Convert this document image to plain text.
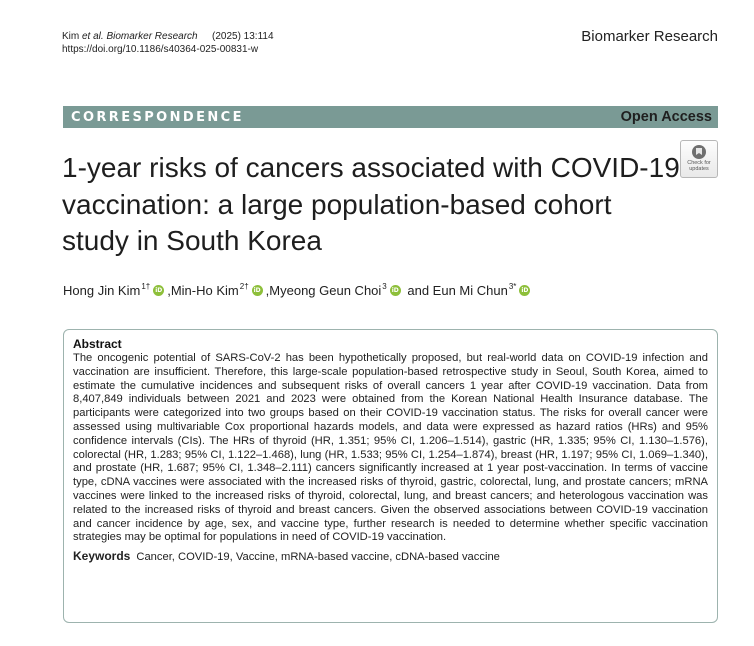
Kim et al. Biomarker Research	(2025) 13:114
https://doi.org/10.1186/s40364-025-00831-w
Biomarker Research
CORRESPONDENCE	Open Access
Check for
updates
1-year risks of cancers associated with COVID-19 vaccination: a large population-based cohort study in South Korea
Hong Jin Kim$^{1\dagger}$ iD , Min-Ho Kim$^{2\dagger}$ iD , Myeong Geun Choi$^3$ iD and Eun Mi Chun$^{3*}$ iD
Abstract
The oncogenic potential of SARS-CoV-2 has been hypothetically proposed, but real-world data on COVID-19 infection and vaccination are insufficient. Therefore, this large-scale population-based retrospective study in Seoul, South Korea, aimed to estimate the cumulative incidences and subsequent risks of overall cancers 1 year after COVID-19 vaccination. Data from 8,407,849 individuals between 2021 and 2023 were obtained from the Korean National Health Insurance database. The participants were categorized into two groups based on their COVID-19 vaccination status. The risks for overall cancer were assessed using multivariable Cox proportional hazards models, and data were expressed as hazard ratios (HRs) and 95% confidence intervals (CIs). The HRs of thyroid (HR, 1.351; 95% CI, 1.206–1.514), gastric (HR, 1.335; 95% CI, 1.130–1.576), colorectal (HR, 1.283; 95% CI, 1.122–1.468), lung (HR, 1.533; 95% CI, 1.254–1.874), breast (HR, 1.197; 95% CI, 1.069–1.340), and prostate (HR, 1.687; 95% CI, 1.348–2.111) cancers significantly increased at 1 year post-vaccination. In terms of vaccine type, cDNA vaccines were associated with the increased risks of thyroid, gastric, colorectal, lung, and prostate cancers; mRNA vaccines were linked to the increased risks of thyroid, colorectal, lung, and breast cancers; and heterologous vaccination was related to the increased risks of thyroid and breast cancers. Given the observed associations between COVID-19 vaccination and cancer incidence by age, sex, and vaccine type, further research is needed to determine whether specific vaccination strategies may be optimal for populations in need of COVID-19 vaccination.
Keywords Cancer, COVID-19, Vaccine, mRNA-based vaccine, cDNA-based vaccine
